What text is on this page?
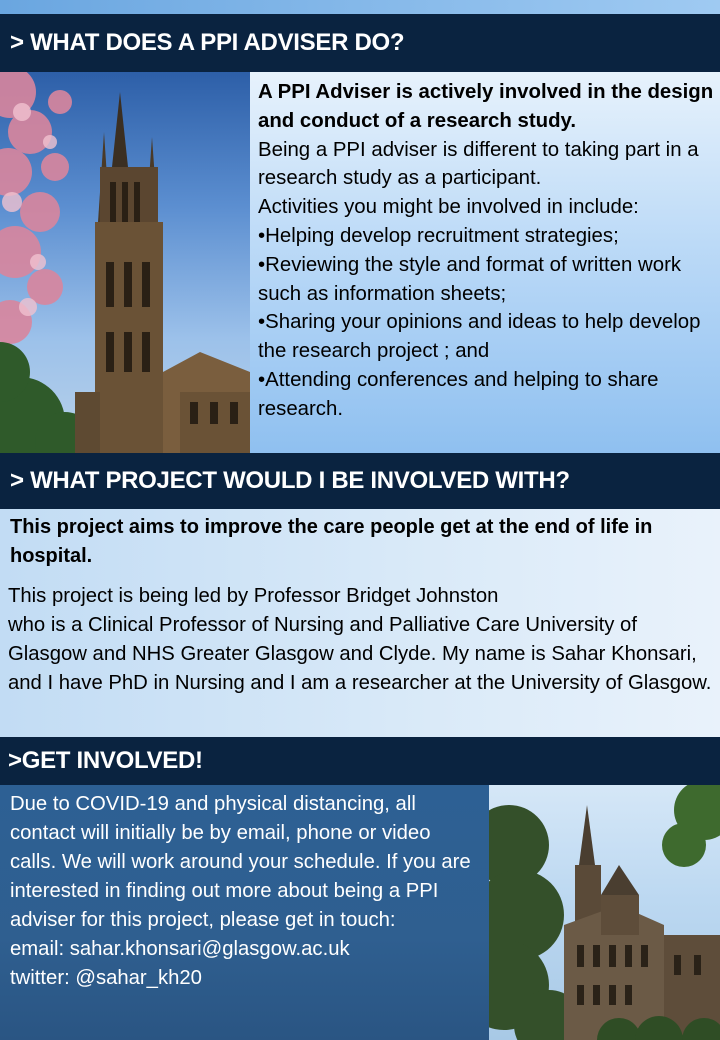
> WHAT DOES A PPI ADVISER DO?

A PPI Adviser is actively involved in the design and conduct of a research study.

Being a PPI adviser is different to taking part in a research study as a participant.

Activities you might be involved in include:

•Helping develop recruitment strategies;

•Reviewing the style and format of written work such as information sheets;

•Sharing your opinions and ideas to help develop the research project ; and

•Attending conferences and helping to share research.

> WHAT PROJECT WOULD I BE INVOLVED WITH?

This project aims to improve the care people get at the end of life in hospital.

This project is being led by Professor Bridget Johnston

who is a Clinical Professor of Nursing and Palliative Care University of Glasgow and NHS Greater Glasgow and Clyde. My name is Sahar Khonsari, and I have PhD in Nursing and I am a researcher at the University of Glasgow.

>GET INVOLVED!

Due to COVID-19 and physical distancing, all contact will initially be by email, phone or video calls. We will work around your schedule. If you are interested in finding out more about being a PPI adviser for this project, please get in touch:

email: sahar.khonsari@glasgow.ac.uk

twitter: @sahar_kh20
